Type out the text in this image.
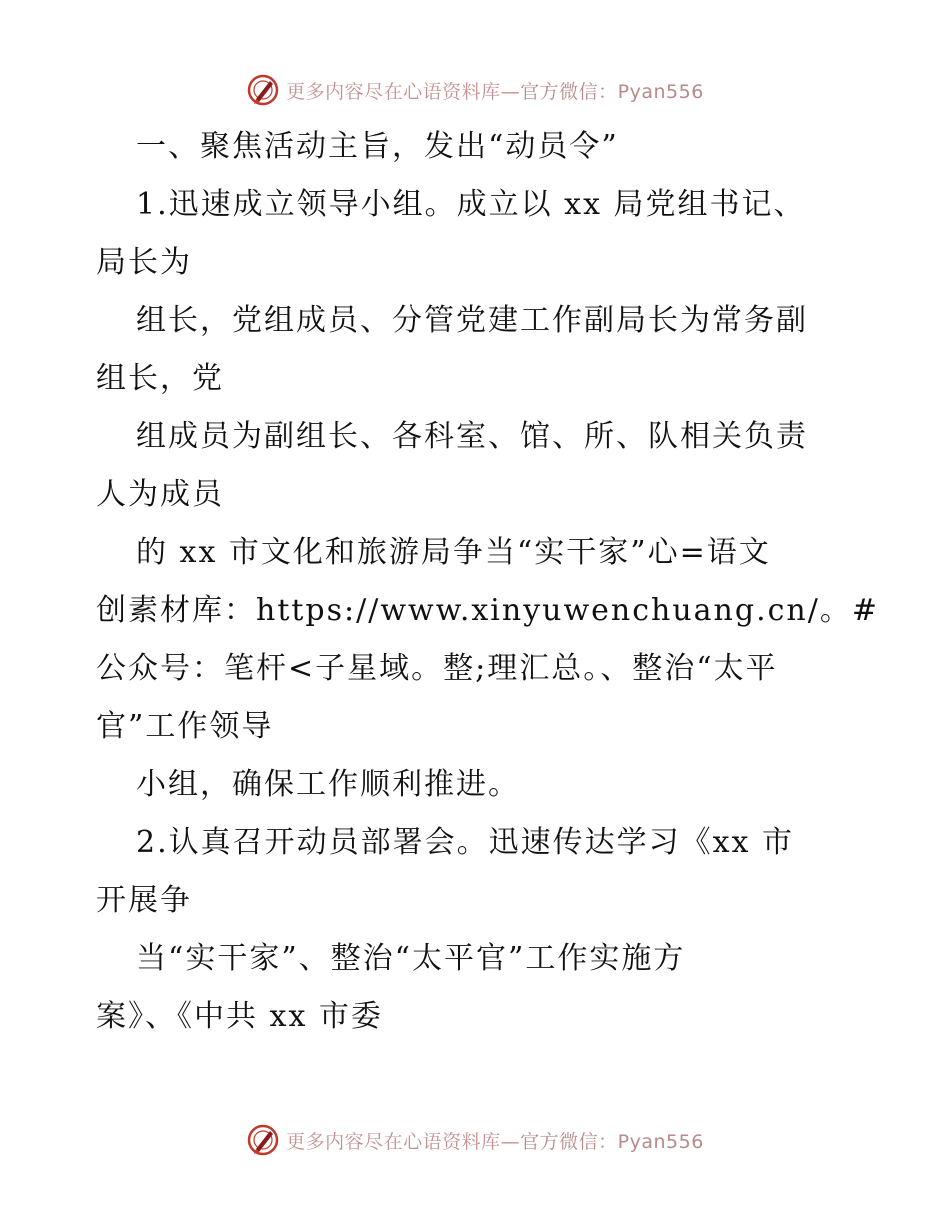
更多内容尽在心语资料库—官方微信：Pyan556
一、聚焦活动主旨，发出“动员令”
1.迅速成立领导小组。成立以 xx 局党组书记、
局长为
组长，党组成员、分管党建工作副局长为常务副
组长，党
组成员为副组长、各科室、馆、所、队相关负责
人为成员
的 xx 市文化和旅游局争当“实干家”心=语文
创素材库：https://www.xinyuwenchuang.cn/。#
公众号：笔杆<子星域。整;理汇总。、整治“太平
官”工作领导
小组，确保工作顺利推进。
2.认真召开动员部署会。迅速传达学习《xx 市
开展争
当“实干家”、整治“太平官”工作实施方
案》、《中共 xx 市委
更多内容尽在心语资料库—官方微信：Pyan556
